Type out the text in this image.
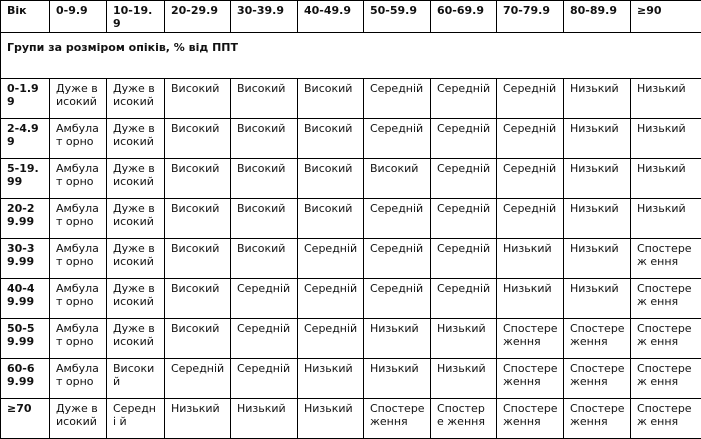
Вік	0-9.9	10-19.9	20-29.9	30-39.9	40-49.9	50-59.9	60-69.9	70-79.9	80-89.9	≥90
Групи за розміром опіків, % від ППТ										
0-1.99	Дуже високий	Дуже високий	Високий	Високий	Високий	Середній	Середній	Середній	Низький	Низький
2-4.99	Амбулат орно	Дуже високий	Високий	Високий	Високий	Середній	Середній	Середній	Низький	Низький
5-19.99	Амбулат орно	Дуже високий	Високий	Високий	Високий	Високий	Середній	Середній	Низький	Низький
20-29.99	Амбулат орно	Дуже високий	Високий	Високий	Високий	Середній	Середній	Середній	Низький	Низький
30-39.99	Амбулат орно	Дуже високий	Високий	Високий	Середній	Середній	Середній	Низький	Низький	Спостереж ення
40-49.99	Амбулат орно	Дуже високий	Високий	Середній	Середній	Середній	Середній	Низький	Низький	Спостереж ення
50-59.99	Амбулат орно	Дуже високий	Високий	Середній	Середній	Низький	Низький	Спостере ження	Спостере ження	Спостереж ення
60-69.99	Амбулат орно	Високий	Середній	Середній	Низький	Низький	Низький	Спостере ження	Спостере ження	Спостереж ення
≥70	Дуже високий	Середні й	Низький	Низький	Низький	Спостере ження	Спостере ження	Спостере ження	Спостере ження	Спостереж ення
